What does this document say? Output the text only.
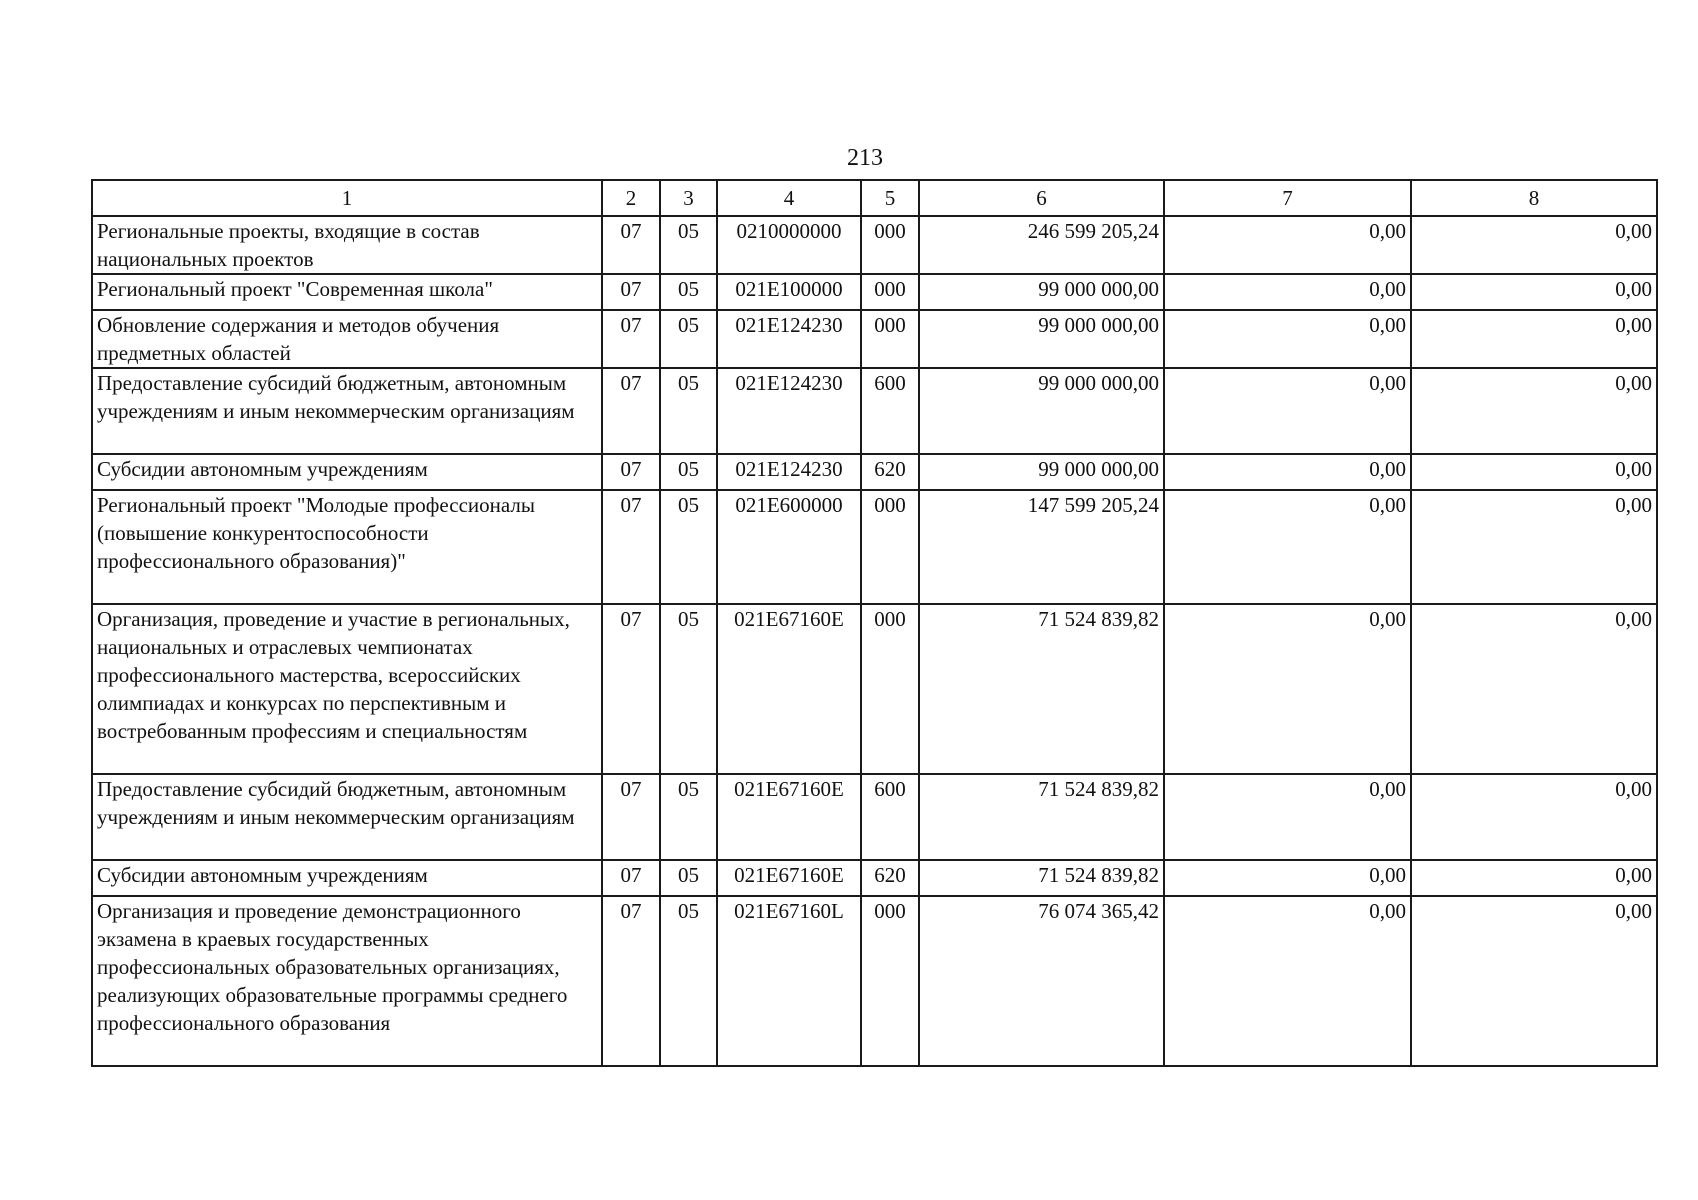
213
1	2	3	4	5	6	7	8
Региональные проекты, входящие в состав национальных проектов	07	05	0210000000	000	246 599 205,24	0,00	0,00
Региональный проект "Современная школа"	07	05	021E100000	000	99 000 000,00	0,00	0,00
Обновление содержания и методов обучения предметных областей	07	05	021E124230	000	99 000 000,00	0,00	0,00
Предоставление субсидий бюджетным, автономным учреждениям и иным некоммерческим организациям	07	05	021E124230	600	99 000 000,00	0,00	0,00
Субсидии автономным учреждениям	07	05	021E124230	620	99 000 000,00	0,00	0,00
Региональный проект "Молодые профессионалы (повышение конкурентоспособности профессионального образования)"	07	05	021E600000	000	147 599 205,24	0,00	0,00
Организация, проведение и участие в региональных, национальных и отраслевых чемпионатах профессионального мастерства, всероссийских олимпиадах и конкурсах по перспективным и востребованным профессиям и специальностям	07	05	021E67160E	000	71 524 839,82	0,00	0,00
Предоставление субсидий бюджетным, автономным учреждениям и иным некоммерческим организациям	07	05	021E67160E	600	71 524 839,82	0,00	0,00
Субсидии автономным учреждениям	07	05	021E67160E	620	71 524 839,82	0,00	0,00
Организация и проведение демонстрационного экзамена в краевых государственных профессиональных образовательных организациях, реализующих образовательные программы среднего профессионального образования	07	05	021E67160L	000	76 074 365,42	0,00	0,00
